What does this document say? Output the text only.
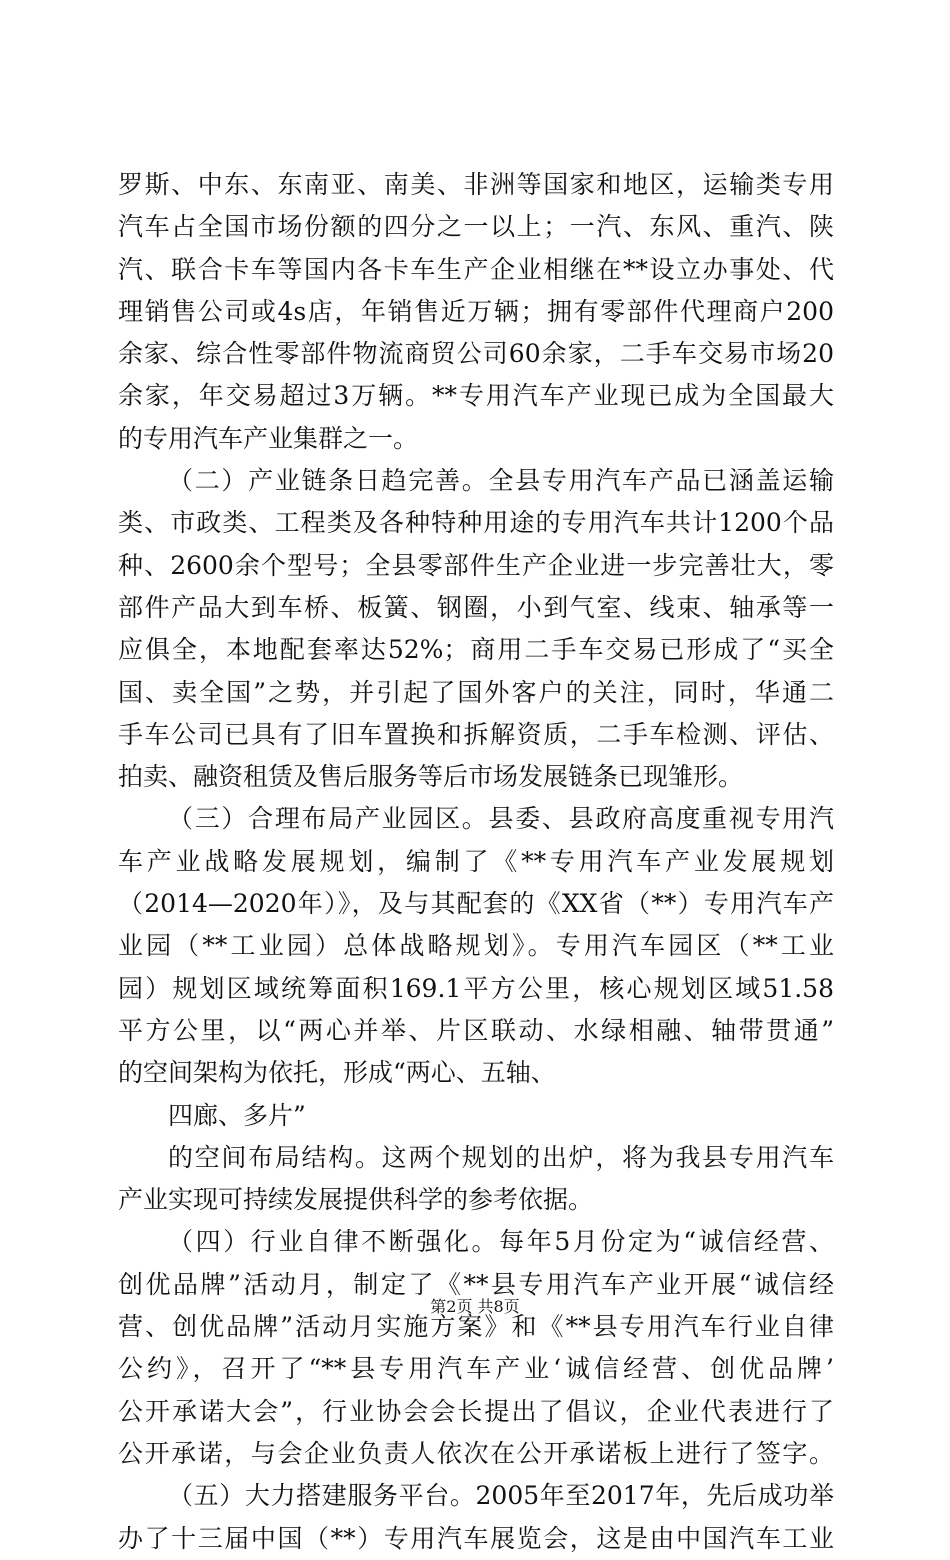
罗斯、中东、东南亚、南美、非洲等国家和地区，运输类专用
汽车占全国市场份额的四分之一以上；一汽、东风、重汽、陕
汽、联合卡车等国内各卡车生产企业相继在**设立办事处、代
理销售公司或4s店，年销售近万辆；拥有零部件代理商户200
余家、综合性零部件物流商贸公司60余家，二手车交易市场20
余家，年交易超过3万辆。**专用汽车产业现已成为全国最大
的专用汽车产业集群之一。
（二）产业链条日趋完善。全县专用汽车产品已涵盖运输
类、市政类、工程类及各种特种用途的专用汽车共计1200个品
种、2600余个型号；全县零部件生产企业进一步完善壮大，零
部件产品大到车桥、板簧、钢圈，小到气室、线束、轴承等一
应俱全，本地配套率达52%；商用二手车交易已形成了“买全
国、卖全国”之势，并引起了国外客户的关注，同时，华通二
手车公司已具有了旧车置换和拆解资质，二手车检测、评估、
拍卖、融资租赁及售后服务等后市场发展链条已现雏形。
（三）合理布局产业园区。县委、县政府高度重视专用汽
车产业战略发展规划，编制了《**专用汽车产业发展规划
（2014—2020年）》，及与其配套的《XX省（**）专用汽车产
业园（**工业园）总体战略规划》。专用汽车园区（**工业
园）规划区域统筹面积169.1平方公里，核心规划区域51.58
平方公里，以“两心并举、片区联动、水绿相融、轴带贯通”
的空间架构为依托，形成“两心、五轴、
四廊、多片”
的空间布局结构。这两个规划的出炉，将为我县专用汽车
产业实现可持续发展提供科学的参考依据。
（四）行业自律不断强化。每年5月份定为“诚信经营、
创优品牌”活动月，制定了《**县专用汽车产业开展“诚信经
营、创优品牌”活动月实施方案》和《**县专用汽车行业自律
公约》，召开了“**县专用汽车产业‘诚信经营、创优品牌’
公开承诺大会”，行业协会会长提出了倡议，企业代表进行了
公开承诺，与会企业负责人依次在公开承诺板上进行了签字。
（五）大力搭建服务平台。2005年至2017年，先后成功举
办了十三届中国（**）专用汽车展览会，这是由中国汽车工业
第2页 共8页
